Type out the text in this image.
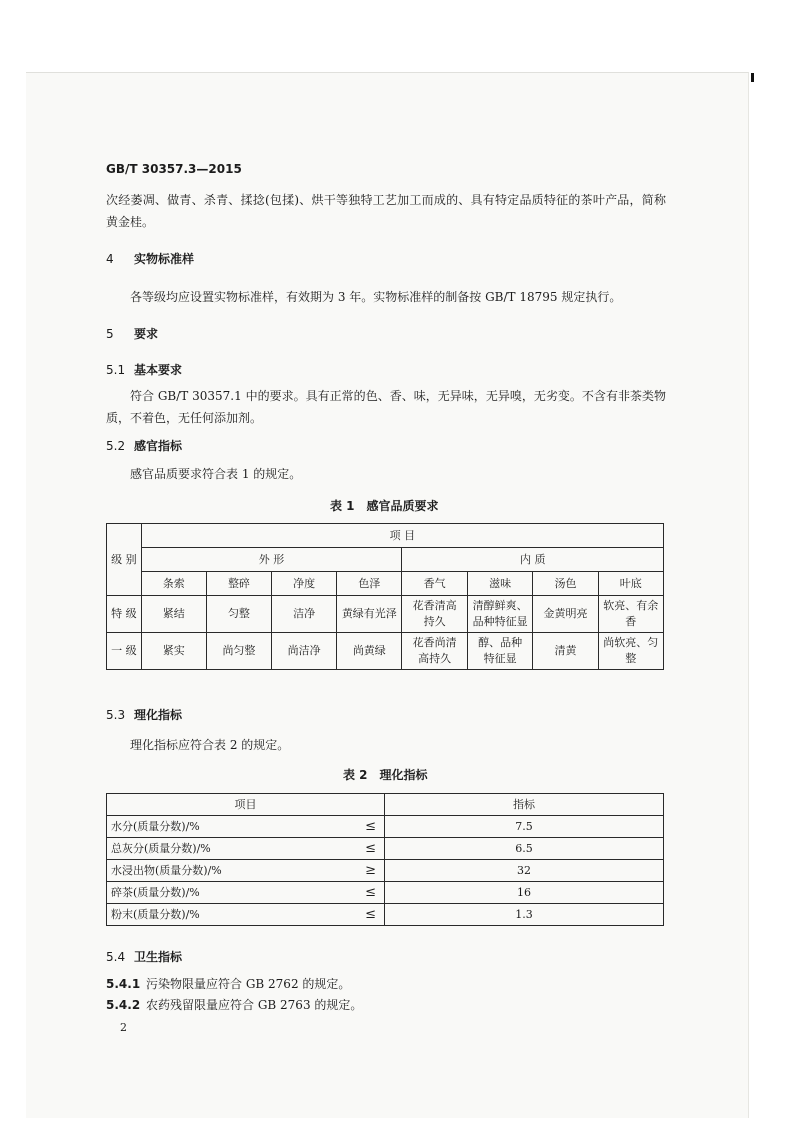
GB/T 30357.3—2015
次经萎凋、做青、杀青、揉捻(包揉)、烘干等独特工艺加工而成的、具有特定品质特征的茶叶产品，简称黄金桂。
4 实物标准样
各等级均应设置实物标准样，有效期为 3 年。实物标准样的制备按 GB/T 18795 规定执行。
5 要求
5.1 基本要求
符合 GB/T 30357.1 中的要求。具有正常的色、香、味，无异味，无异嗅，无劣变。不含有非茶类物质，不着色，无任何添加剂。
5.2 感官指标
感官品质要求符合表 1 的规定。
表 1　感官品质要求
级 别	项 目							
	外 形				内 质			
	条索	整碎	净度	色泽	香气	滋味	汤色	叶底
特 级	紧结	匀整	洁净	黄绿有光泽	花香清高持久	清醇鲜爽、品种特征显	金黄明亮	软亮、有余香
一 级	紧实	尚匀整	尚洁净	尚黄绿	花香尚清高持久	醇、品种特征显	清黄	尚软亮、匀整
5.3 理化指标
理化指标应符合表 2 的规定。
表 2　理化指标
项目		指标
水分(质量分数)/%	≤	7.5
总灰分(质量分数)/%	≤	6.5
水浸出物(质量分数)/%	≥	32
碎茶(质量分数)/%	≤	16
粉末(质量分数)/%	≤	1.3
5.4 卫生指标
5.4.1 污染物限量应符合 GB 2762 的规定。
5.4.2 农药残留限量应符合 GB 2763 的规定。
2
